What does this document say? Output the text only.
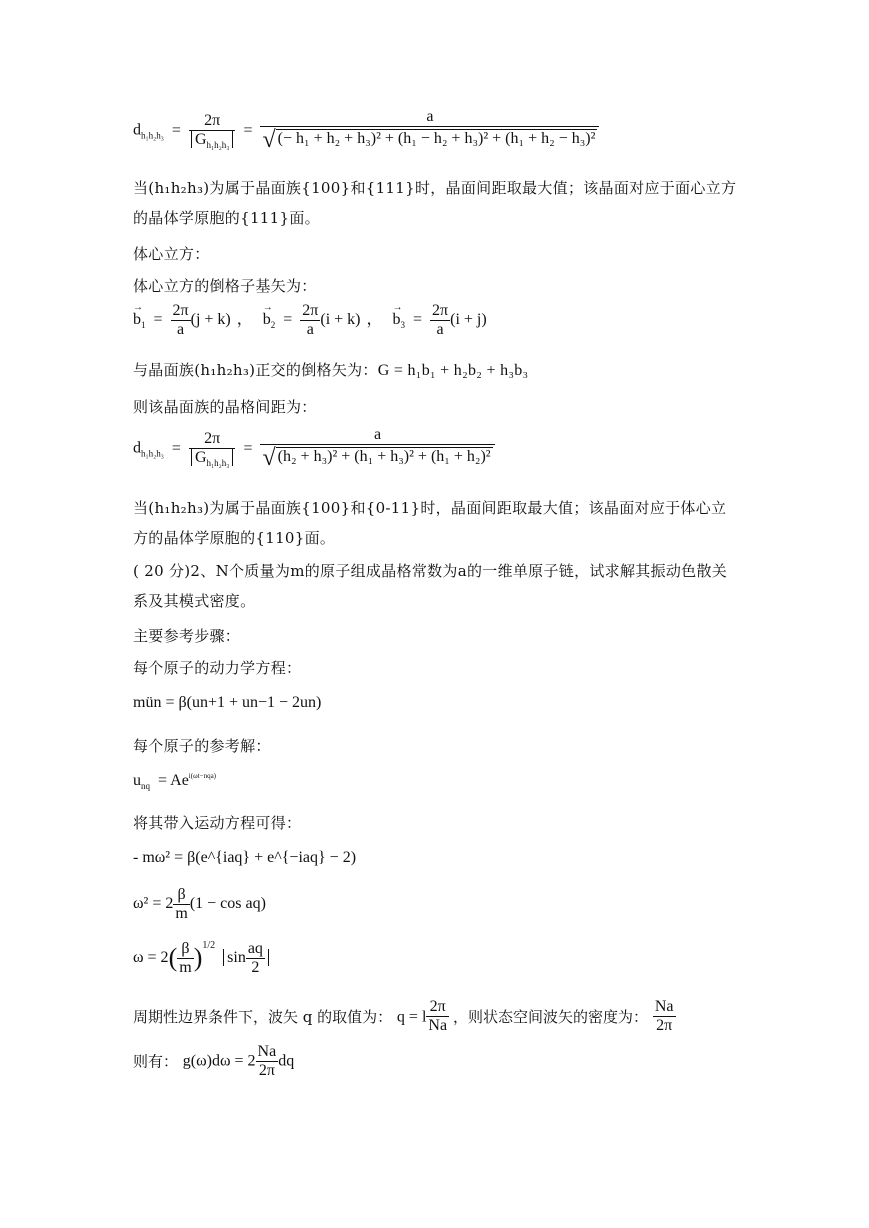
$d_{h_1h_2h_3} = \frac{2\pi}{G_{h_1h_2h_3}} = \frac{a}{\text{√ (− h₁ + h₂ + h₃)² + (h₁ − h₂ + h₃)² + (h₁ + h₂ − h₃)²}}$
当(h₁h₂h₃)为属于晶面族{100}和{111}时，晶面间距取最大值；该晶面对应于面心立方的晶体学原胞的{111}面。
体心立方：
体心立方的倒格子基矢为：
→ $b_1 = \frac{2\pi}{a} (j + k)$ ， → $b_2 = \frac{2\pi}{a} (i + k)$ ， → $b_3 = \frac{2\pi}{a} (i + j)$
与晶面族(h₁h₂h₃)正交的倒格矢为：G = h₁b₁ + h₂b₂ + h₃b₃
则该晶面族的晶格间距为：
$d_{h_1h_2h_3} = \frac{2\pi}{G_{h_1h_2h_3}} = \frac{a}{\text{√ (h₂ + h₃)² + (h₁ + h₃)² + (h₁ + h₂)²}}$
当(h₁h₂h₃)为属于晶面族{100}和{0-11}时，晶面间距取最大值；该晶面对应于体心立方的晶体学原胞的{110}面。
( 20 分)2、N个质量为m的原子组成晶格常数为a的一维单原子链，试求解其振动色散关系及其模式密度。
主要参考步骤：
每个原子的动力学方程：
mün = β(un+1 + un−1 − 2un)
每个原子的参考解：
$u_{nq} = Ae^{i(\omega t-nqa)}$
将其带入运动方程可得：
- mω² = β(e^{iaq} + e^{−iaq} − 2)
$\omega^2 = 2 \frac{\beta}{m} (1 - \cos aq)$
$\omega = 2( \frac{\beta}{m} )^{1/2}$ $\sin \frac{aq}{2}$
周期性边界条件下，波矢 q 的取值为： q = l $\frac{2\pi}{Na}$ ，则状态空间波矢的密度为： $\frac{Na}{2\pi}$
则有： $g(\omega)d\omega = 2 \frac{Na}{2\pi}$ dq
